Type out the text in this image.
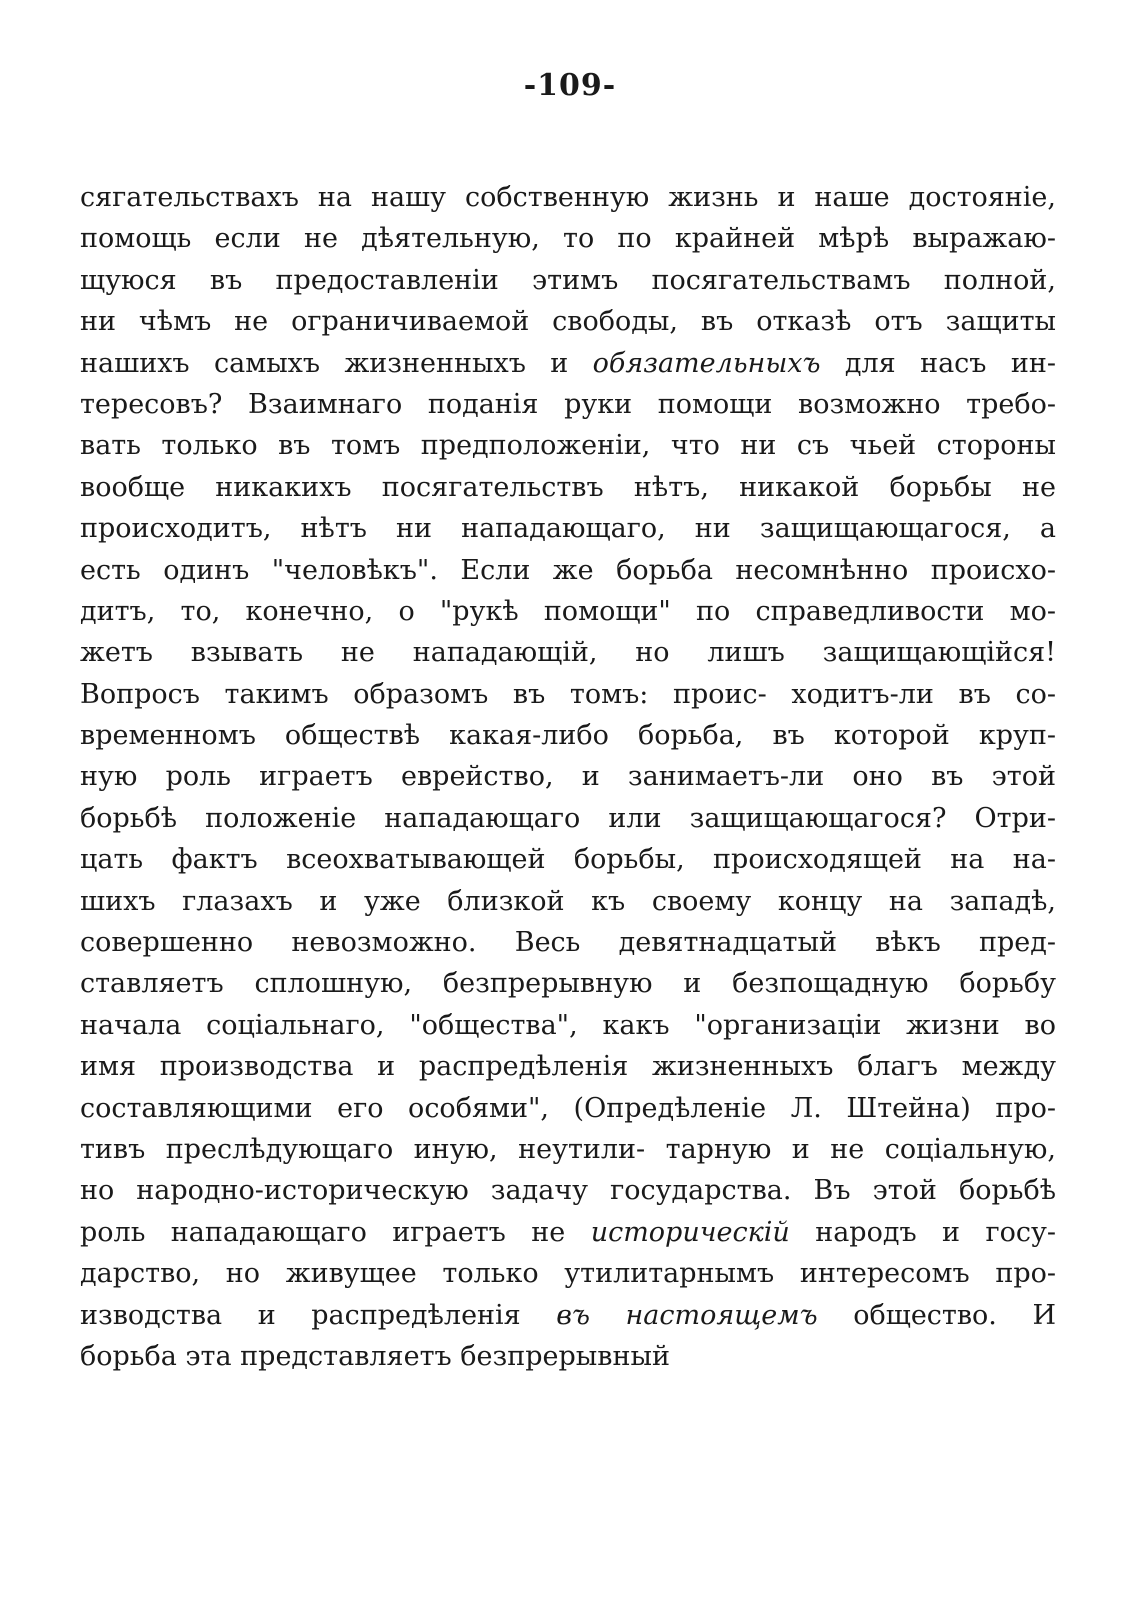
-109-
сягательствахъ на нашу собственную жизнь и наше достоянiе,
помощь если не дѣятельную, то по крайней мѣрѣ выражаю-
щуюся въ предоставленiи этимъ посягательствамъ полной,
ни чѣмъ не ограничиваемой свободы, въ отказѣ отъ защиты
нашихъ самыхъ жизненныхъ и обязательныхъ для насъ ин-
тересовъ? Взаимнаго поданiя руки помощи возможно требо-
вать только въ томъ предположенiи, что ни съ чьей стороны
вообще никакихъ посягательствъ нѣтъ, никакой борьбы не
происходитъ, нѣтъ ни нападающаго, ни защищающагося, а
есть одинъ "человѣкъ". Если же борьба несомнѣнно происхо-
дитъ, то, конечно, о "рукѣ помощи" по справедливости мо-
жетъ взывать не нападающiй, но лишъ защищающiйся!
Вопросъ такимъ образомъ въ томъ: проис- ходитъ-ли въ со-
временномъ обществѣ какая-либо борьба, въ которой круп-
ную роль играетъ еврейство, и занимаетъ-ли оно въ этой
борьбѣ положенiе нападающаго или защищающагося? Отри-
цать фактъ всеохватывающей борьбы, происходящей на на-
шихъ глазахъ и уже близкой къ своему концу на западѣ,
совершенно невозможно. Весь девятнадцатый вѣкъ пред-
ставляетъ сплошную, безпрерывную и безпощадную борьбу
начала соцiальнаго, "общества", какъ "организацiи жизни во
имя производства и распредѣленiя жизненныхъ благъ между
составляющими его особями", (Опредѣленiе Л. Штейна) про-
тивъ преслѣдующаго иную, неутили- тарную и не соцiальную,
но народно-историческую задачу государства. Въ этой борьбѣ
роль нападающаго играетъ не историческiй народъ и госу-
дарство, но живущее только утилитарнымъ интересомъ про-
изводства и распредѣленiя въ настоящемъ общество. И
борьба эта представляетъ безпрерывный
